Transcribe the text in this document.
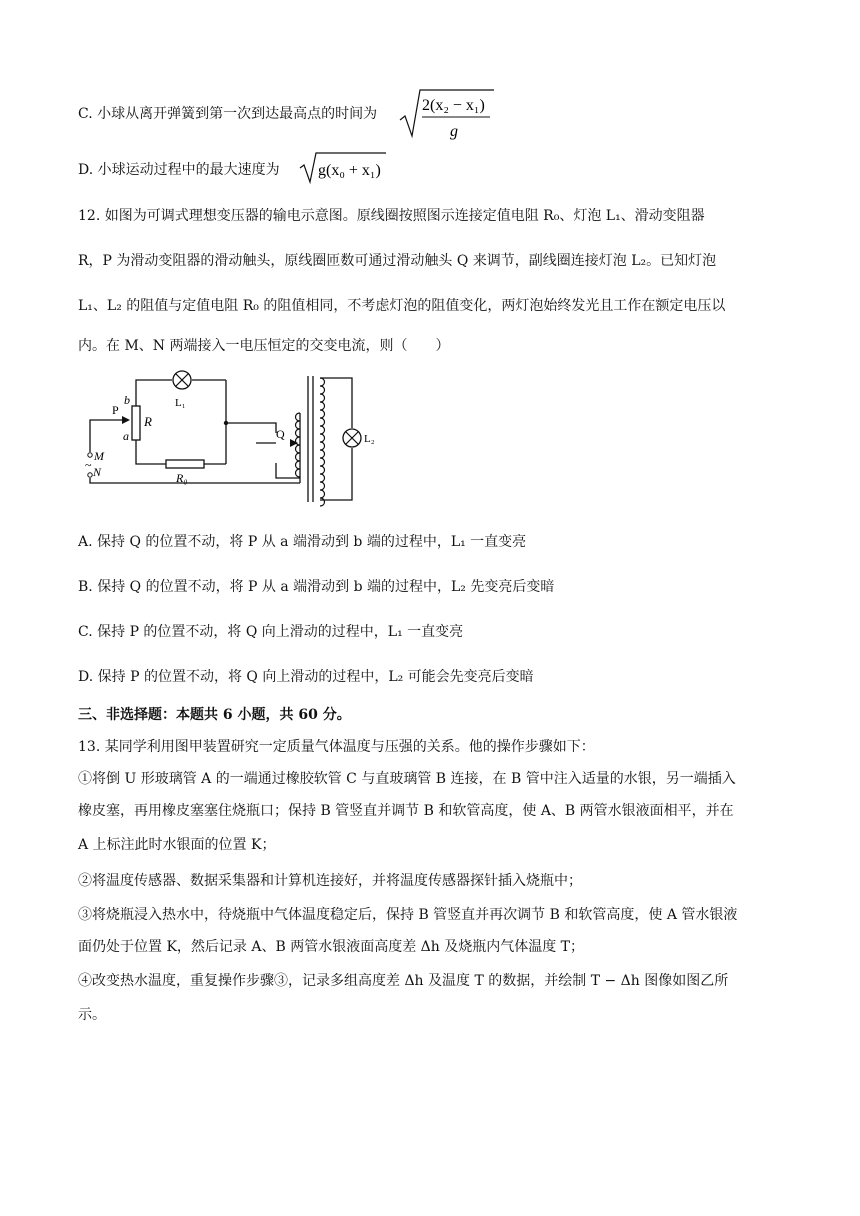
C. 小球从离开弹簧到第一次到达最高点的时间为	2(x₂ − x₁)
g
D. 小球运动过程中的最大速度为 g(x₀ + x₁)
12. 如图为可调式理想变压器的输电示意图。原线圈按照图示连接定值电阻 R₀、灯泡 L₁、滑动变阻器
R，P 为滑动变阻器的滑动触头，原线圈匝数可通过滑动触头 Q 来调节，副线圈连接灯泡 L₂。已知灯泡
L₁、L₂ 的阻值与定值电阻 R₀ 的阻值相同，不考虑灯泡的阻值变化，两灯泡始终发光且工作在额定电压以
内。在 M、N 两端接入一电压恒定的交变电流，则（　　）
P
b
a
R
L₁
R₀
Q	L₂
M
~ N
A. 保持 Q 的位置不动，将 P 从 a 端滑动到 b 端的过程中，L₁ 一直变亮
B. 保持 Q 的位置不动，将 P 从 a 端滑动到 b 端的过程中，L₂ 先变亮后变暗
C. 保持 P 的位置不动，将 Q 向上滑动的过程中，L₁ 一直变亮
D. 保持 P 的位置不动，将 Q 向上滑动的过程中，L₂ 可能会先变亮后变暗
三、非选择题：本题共 6 小题，共 60 分。
13. 某同学利用图甲装置研究一定质量气体温度与压强的关系。他的操作步骤如下：
①将倒 U 形玻璃管 A 的一端通过橡胶软管 C 与直玻璃管 B 连接，在 B 管中注入适量的水银，另一端插入
橡皮塞，再用橡皮塞塞住烧瓶口；保持 B 管竖直并调节 B 和软管高度，使 A、B 两管水银液面相平，并在
A 上标注此时水银面的位置 K；
②将温度传感器、数据采集器和计算机连接好，并将温度传感器探针插入烧瓶中；
③将烧瓶浸入热水中，待烧瓶中气体温度稳定后，保持 B 管竖直并再次调节 B 和软管高度，使 A 管水银液
面仍处于位置 K，然后记录 A、B 两管水银液面高度差 Δh 及烧瓶内气体温度 T；
④改变热水温度，重复操作步骤③，记录多组高度差 Δh 及温度 T 的数据，并绘制 T − Δh 图像如图乙所
示。
